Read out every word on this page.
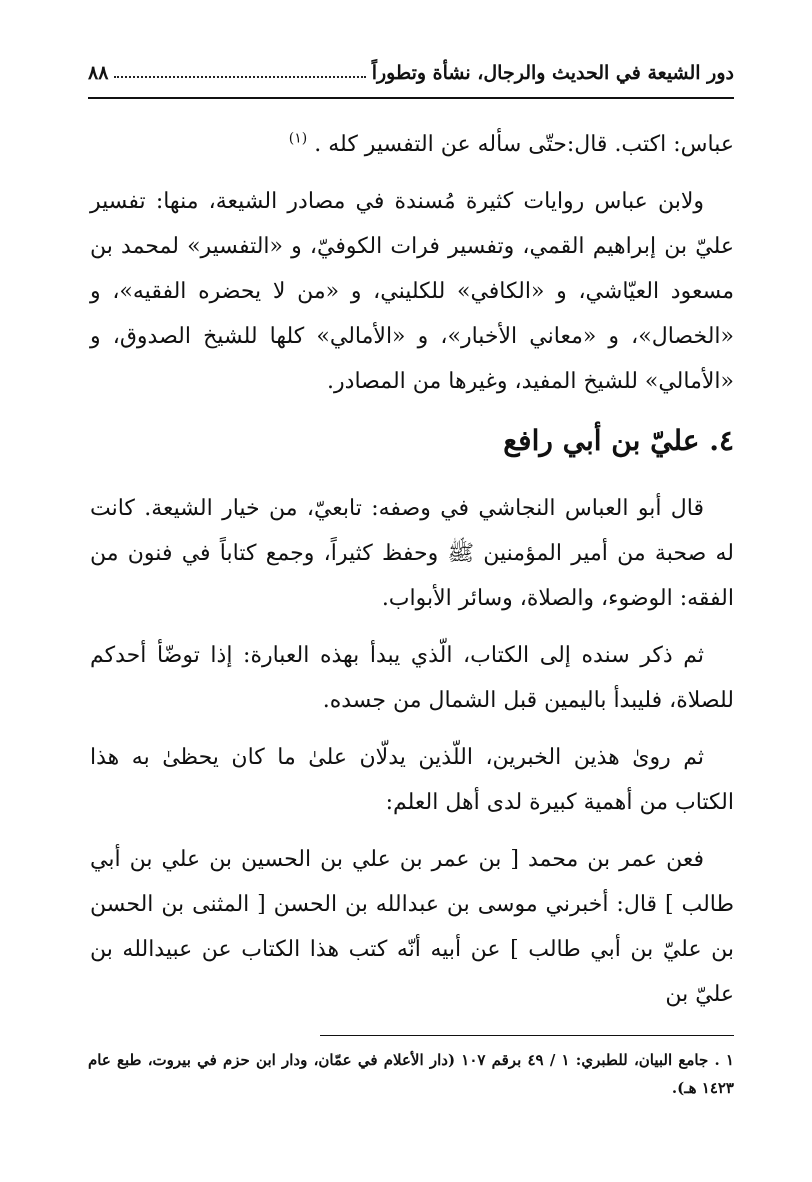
دور الشيعة في الحديث والرجال، نشأة وتطوراً
٨٨

عباس: اكتب. قال:حتّى سأله عن التفسير كله . $^{(١)}$

ولابن عباس روايات كثيرة مُسندة في مصادر الشيعة، منها: تفسير عليّ بن إبراهيم القمي، وتفسير فرات الكوفيّ، و «التفسير» لمحمد بن مسعود العيّاشي، و «الكافي» للكليني، و «من لا يحضره الفقيه»، و «الخصال»، و «معاني الأخبار»، و «الأمالي» كلها للشيخ الصدوق، و «الأمالي» للشيخ المفيد، وغيرها من المصادر.

٤. عليّ بن أبي رافع

قال أبو العباس النجاشي في وصفه: تابعيّ، من خيار الشيعة. كانت له صحبة من أمير المؤمنين ﷺ وحفظ كثيراً، وجمع كتاباً في فنون من الفقه: الوضوء، والصلاة، وسائر الأبواب.

ثم ذكر سنده إلى الكتاب، الّذي يبدأ بهذه العبارة: إذا توضّأ أحدكم للصلاة، فليبدأ باليمين قبل الشمال من جسده.

ثم روىٰ هذين الخبرين، اللّذين يدلّان علىٰ ما كان يحظىٰ به هذا الكتاب من أهمية كبيرة لدى أهل العلم:

فعن عمر بن محمد [ بن عمر بن علي بن الحسين بن علي بن أبي طالب ] قال: أخبرني موسى بن عبدالله بن الحسن [ المثنى بن الحسن بن عليّ بن أبي طالب ] عن أبيه أنّه كتب هذا الكتاب عن عبيدالله بن عليّ بن

١ . جامع البيان، للطبري: ١ / ٤٩ برقم ١٠٧ (دار الأعلام في عمّان، ودار ابن حزم في بيروت، طبع عام ١٤٢٣ هـ).
